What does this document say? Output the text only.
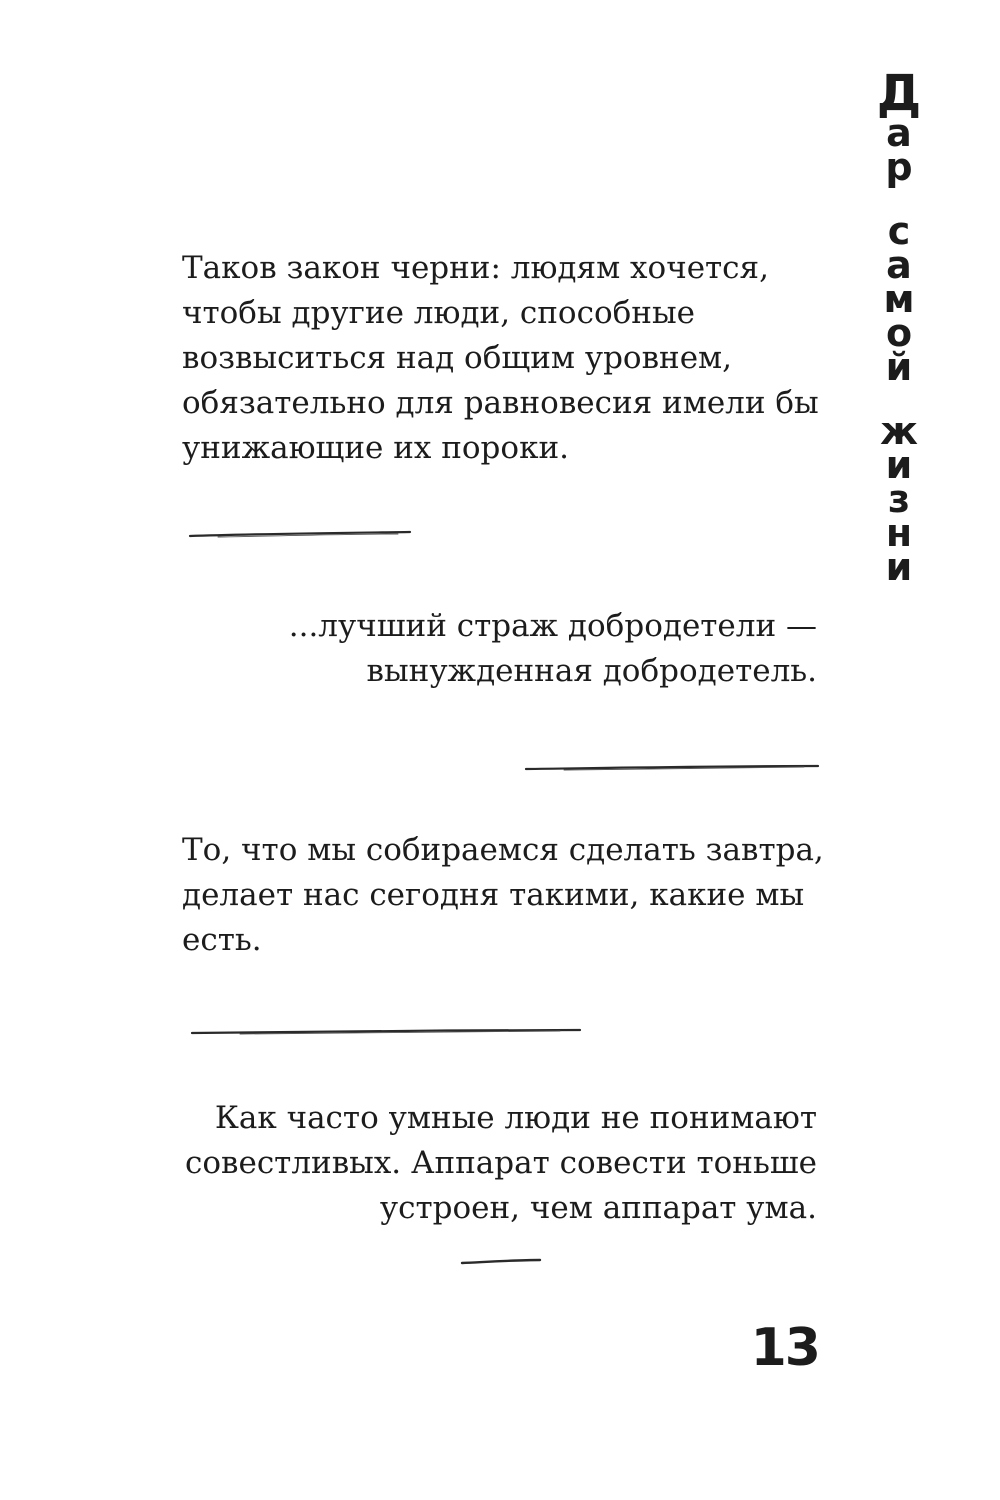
Таков закон черни: людям хочется,
чтобы другие люди, способные
возвыситься над общим уровнем,
обязательно для равновесия имели бы
унижающие их пороки.

...лучший страж добродетели —
вынужденная добродетель.

То, что мы собираемся сделать завтра,
делает нас сегодня такими, какие мы
есть.

Как часто умные люди не понимают
совестливых. Аппарат совести тоньше
устроен, чем аппарат ума.

Д
а
р
с
а
м
о
й
ж
и
з
н
и
13
